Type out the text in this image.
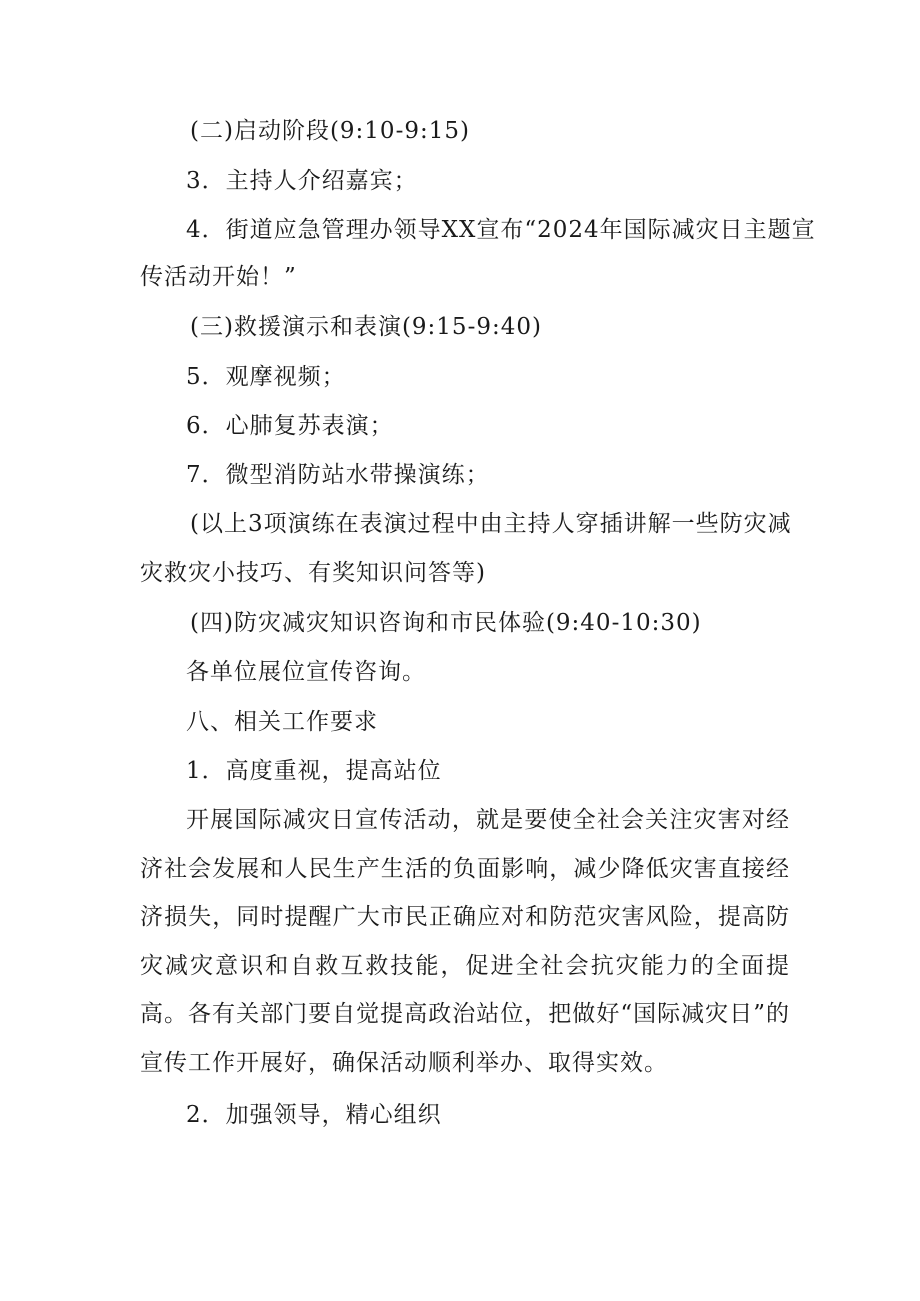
(二)启动阶段(9:10-9:15)
3．主持人介绍嘉宾；
4．街道应急管理办领导XX宣布“2024年国际减灾日主题宣
传活动开始！”
(三)救援演示和表演(9:15-9:40)
5．观摩视频；
6．心肺复苏表演；
7．微型消防站水带操演练；
(以上3项演练在表演过程中由主持人穿插讲解一些防灾减
灾救灾小技巧、有奖知识问答等)
(四)防灾减灾知识咨询和市民体验(9:40-10:30)
各单位展位宣传咨询。
八、相关工作要求
1．高度重视，提高站位
开展国际减灾日宣传活动，就是要使全社会关注灾害对经济社会发展和人民生产生活的负面影响，减少降低灾害直接经济损失，同时提醒广大市民正确应对和防范灾害风险，提高防灾减灾意识和自救互救技能，促进全社会抗灾能力的全面提高。各有关部门要自觉提高政治站位，把做好“国际减灾日”的宣传工作开展好，确保活动顺利举办、取得实效。
2．加强领导，精心组织
